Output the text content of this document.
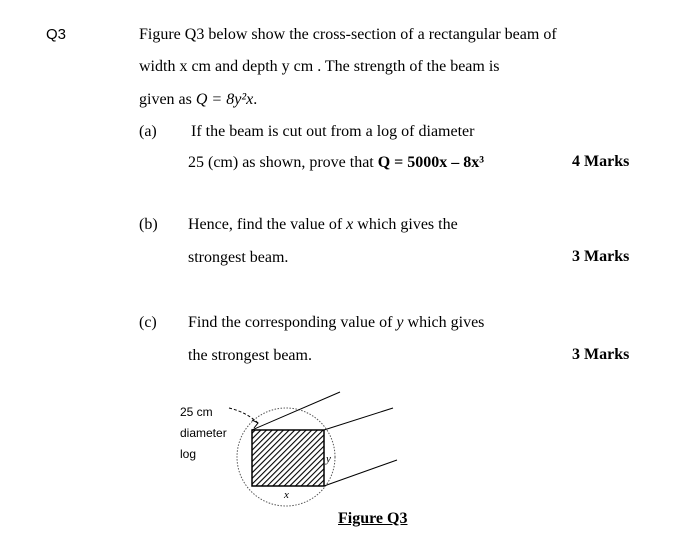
Q3	Figure Q3 below show the cross-section of a rectangular beam of
width x cm and depth y cm . The strength of the beam is
given as Q = 8y²x.
(a) If the beam is cut out from a log of diameter
25 (cm) as shown, prove that Q = 5000x – 8x³	4 Marks
(b) Hence, find the value of x which gives the
strongest beam.	3 Marks
(c) Find the corresponding value of y which gives
the strongest beam.	3 Marks
25 cm
diameter
log
x
y
Figure Q3
